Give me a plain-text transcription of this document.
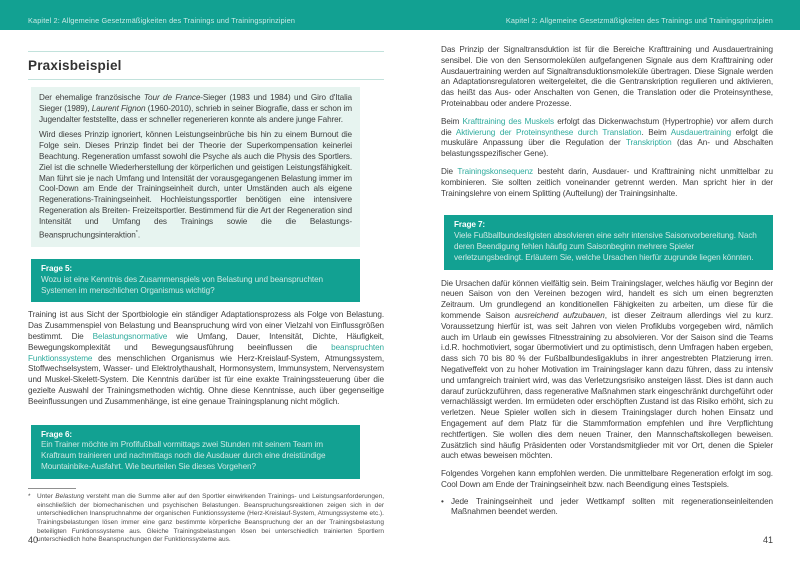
Kapitel 2: Allgemeine Gesetzmäßigkeiten des Trainings und Trainingsprinzipien	Kapitel 2: Allgemeine Gesetzmäßigkeiten des Trainings und Trainingsprinzipien
Praxisbeispiel

Der ehemalige französische Tour de France-Sieger (1983 und 1984) und Giro d'Italia Sieger (1989), Laurent Fignon (1960-2010), schrieb in seiner Biografie, dass er schon im Jugendalter feststellte, dass er schneller regenerieren konnte als andere junge Fahrer.

Wird dieses Prinzip ignoriert, können Leistungseinbrüche bis hin zu einem Burnout die Folge sein. Dieses Prinzip findet bei der Theorie der Superkompensation keinerlei Beachtung. Regeneration umfasst sowohl die Psyche als auch die Physis des Sportlers. Ziel ist die schnelle Wiederherstellung der körperlichen und geistigen Leistungsfähigkeit. Man führt sie je nach Umfang und Intensität der vorausgegangenen Belastung immer im Cool-Down am Ende der Trainingseinheit durch, unter Umständen auch als eigene Regenerations-Trainingseinheit. Hochleistungssportler benötigen eine intensivere Regeneration als Breiten- Freizeitsportler. Bestimmend für die Art der Regeneration sind Intensität und Umfang des Trainings sowie die die Belastungs-Beanspruchungsinteraktion*.

Frage 5:

Wozu ist eine Kenntnis des Zusammenspiels von Belastung und beanspruchten Systemen im menschlichen Organismus wichtig?

Training ist aus Sicht der Sportbiologie ein ständiger Adaptationsprozess als Folge von Belastung. Das Zusammenspiel von Belastung und Beanspruchung wird von einer Vielzahl von Einflussgrößen bestimmt. Die Belastungsnormative wie Umfang, Dauer, Intensität, Dichte, Häufigkeit, Bewegungskomplexität und Bewegungsausführung beeinflussen die beanspruchten Funktionssysteme des menschlichen Organismus wie Herz-Kreislauf-System, Atmungssystem, Stoffwechselsystem, Wasser- und Elektrolythaushalt, Hormonsystem, Immunsystem, Nervensystem und Muskel-Skelett-System. Die Kenntnis darüber ist für eine exakte Trainingssteuerung über die gezielte Auswahl der Trainingsmethoden wichtig. Ohne diese Kenntnisse, auch über gegenseitige Beeinflussungen und Zusammenhänge, ist eine genaue Trainingsplanung nicht möglich.

Frage 6:

Ein Trainer möchte im Profifußball vormittags zwei Stunden mit seinem Team im Kraftraum trainieren und nachmittags noch die Ausdauer durch eine dreistündige Mountainbike-Ausfahrt. Wie beurteilen Sie dieses Vorgehen?

* Unter Belastung versteht man die Summe aller auf den Sportler einwirkenden Trainings- und Leistungsanforderungen, einschließlich der biomechanischen und psychischen Belastungen. Beanspruchungsreaktionen zeigen sich in der unterschiedlichen Inanspruchnahme der organischen Funktionssysteme (Herz-Kreislauf-System, Atmungssysteme etc.). Trainingsbelastungen lösen immer eine ganz bestimmte körperliche Beanspruchung der an der Trainingsbelastung beteiligten Funktionssysteme aus. Gleiche Trainingsbelastungen lösen bei unterschiedlich trainierten Sportlern unterschiedlich hohe Beanspruchungen der Funktionssysteme aus.

40

Das Prinzip der Signaltransduktion ist für die Bereiche Krafttraining und Ausdauertraining sensibel. Die von den Sensormolekülen aufgefangenen Signale aus dem Krafttraining oder Ausdauertraining werden auf Signaltransduktionsmoleküle übertragen. Diese Signale werden an Adaptationsregulatoren weitergeleitet, die die Gentranskription regulieren und aktivieren, das heißt das Aus- oder Anschalten von Genen, die Translation oder die Proteinsynthese, Proteinabbau oder andere Prozesse.

Beim Krafttraining des Muskels erfolgt das Dickenwachstum (Hypertrophie) vor allem durch die Aktivierung der Proteinsynthese durch Translation. Beim Ausdauertraining erfolgt die muskuläre Anpassung über die Regulation der Transkription (das An- und Abschalten belastungsspezifischer Gene).

Die Trainingskonsequenz besteht darin, Ausdauer- und Krafttraining nicht unmittelbar zu kombinieren. Sie sollten zeitlich voneinander getrennt werden. Man spricht hier in der Trainingslehre von einem Splitting (Aufteilung) der Trainingsinhalte.

Frage 7:

Viele Fußballbundesligisten absolvieren eine sehr intensive Saisonvorbereitung. Nach deren Beendigung fehlen häufig zum Saisonbeginn mehrere Spieler verletzungsbedingt. Erläutern Sie, welche Ursachen hierfür zugrunde liegen könnten.

Die Ursachen dafür können vielfältig sein. Beim Trainingslager, welches häufig vor Beginn der neuen Saison von den Vereinen bezogen wird, handelt es sich um einen begrenzten Zeitraum. Um grundlegend an konditionellen Fähigkeiten zu arbeiten, um diese für die kommende Saison ausreichend aufzubauen, ist dieser Zeitraum allerdings viel zu kurz. Voraussetzung hierfür ist, was seit Jahren von vielen Profiklubs vorgegeben wird, nämlich auch im Urlaub ein gewisses Fitnesstraining zu absolvieren. Vor der Saison sind die Teams i.d.R. hochmotiviert, sogar übermotiviert und zu optimistisch, denn Umfragen haben ergeben, dass sich 70 bis 80 % der Fußballbundesligaklubs in ihrer angestrebten Platzierung irren. Negativeffekt von zu hoher Motivation im Trainingslager kann dazu führen, dass zu intensiv und umfangreich trainiert wird, was das Verletzungsrisiko ansteigen lässt. Dies ist dann auch darauf zurückzuführen, dass regenerative Maßnahmen stark eingeschränkt durchgeführt oder vernachlässigt werden. Im ermüdeten oder erschöpften Zustand ist das Risiko erhöht, sich zu verletzen. Neue Spieler wollen sich in diesem Trainingslager durch hohen Einsatz und Engagement auf dem Platz für die Stammformation empfehlen und ihre Verpflichtung rechtfertigen. Sie wollen dies dem neuen Trainer, den Mannschaftskollegen beweisen. Zusätzlich sind häufig Präsidenten oder Vorstandsmitglieder mit vor Ort, denen die Spieler auch etwas beweisen möchten.

Folgendes Vorgehen kann empfohlen werden. Die unmittelbare Regeneration erfolgt im sog. Cool Down am Ende der Trainingseinheit bzw. nach Beendigung eines Testspiels.

• Jede Trainingseinheit und jeder Wettkampf sollten mit regenerationseinleitenden Maßnahmen beendet werden.

41
